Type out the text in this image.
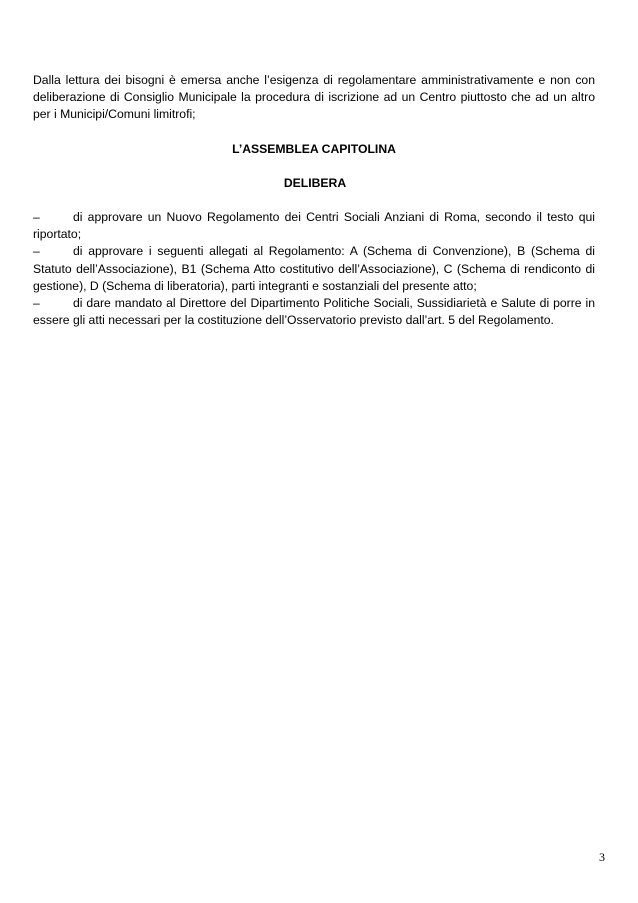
Dalla lettura dei bisogni è emersa anche l’esigenza di regolamentare amministrativamente e non con deliberazione di Consiglio Municipale la procedura di iscrizione ad un Centro piuttosto che ad un altro per i Municipi/Comuni limitrofi;

L’ASSEMBLEA CAPITOLINA

DELIBERA

–	di approvare un Nuovo Regolamento dei Centri Sociali Anziani di Roma, secondo il testo qui riportato;

–	di approvare i seguenti allegati al Regolamento: A (Schema di Convenzione), B (Schema di Statuto dell’Associazione), B1 (Schema Atto costitutivo dell’Associazione), C (Schema di rendiconto di gestione), D (Schema di liberatoria), parti integranti e sostanziali del presente atto;

–	di dare mandato al Direttore del Dipartimento Politiche Sociali, Sussidiarietà e Salute di porre in essere gli atti necessari per la costituzione dell’Osservatorio previsto dall’art. 5 del Regolamento.

3
